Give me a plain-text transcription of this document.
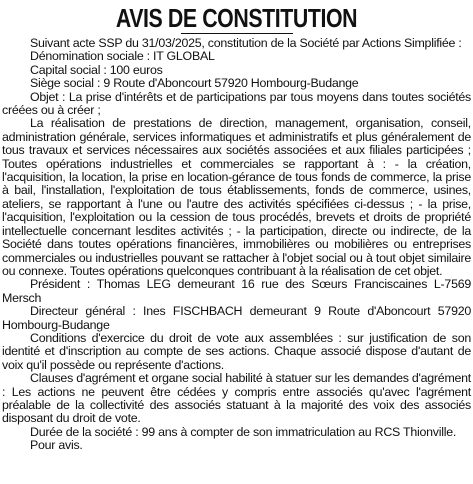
AVIS DE CONSTITUTION

Suivant acte SSP du 31/03/2025, constitution de la Société par Actions Simplifiée :

Dénomination sociale : IT GLOBAL

Capital social : 100 euros

Siège social : 9 Route d'Aboncourt 57920 Hombourg-Budange

Objet : La prise d'intérêts et de participations par tous moyens dans toutes sociétés créées ou à créer ;

La réalisation de prestations de direction, management, organisation, conseil, administration générale, services informatiques et administratifs et plus généralement de tous travaux et services nécessaires aux sociétés associées et aux filiales participées ; Toutes opérations industrielles et commerciales se rapportant à : - la création, l'acquisition, la location, la prise en location-gérance de tous fonds de commerce, la prise à bail, l'installation, l'exploitation de tous établissements, fonds de commerce, usines, ateliers, se rapportant à l'une ou l'autre des activités spécifiées ci-dessus ; - la prise, l'acquisition, l'exploitation ou la cession de tous procédés, brevets et droits de propriété intellectuelle concernant lesdites activités ; - la participation, directe ou indirecte, de la Société dans toutes opérations financières, immobilières ou mobilières ou entreprises commerciales ou industrielles pouvant se rattacher à l'objet social ou à tout objet similaire ou connexe. Toutes opérations quelconques contribuant à la réalisation de cet objet.

Président : Thomas LEG demeurant 16 rue des Sœurs Franciscaines L-7569 Mersch

Directeur général : Ines FISCHBACH demeurant 9 Route d'Aboncourt 57920 Hombourg-Budange

Conditions d'exercice du droit de vote aux assemblées : sur justification de son identité et d'inscription au compte de ses actions. Chaque associé dispose d'autant de voix qu'il possède ou représente d'actions.

Clauses d'agrément et organe social habilité à statuer sur les demandes d'agrément : Les actions ne peuvent être cédées y compris entre associés qu'avec l'agrément préalable de la collectivité des associés statuant à la majorité des voix des associés disposant du droit de vote.

Durée de la société : 99 ans à compter de son immatriculation au RCS Thionville.

Pour avis.
